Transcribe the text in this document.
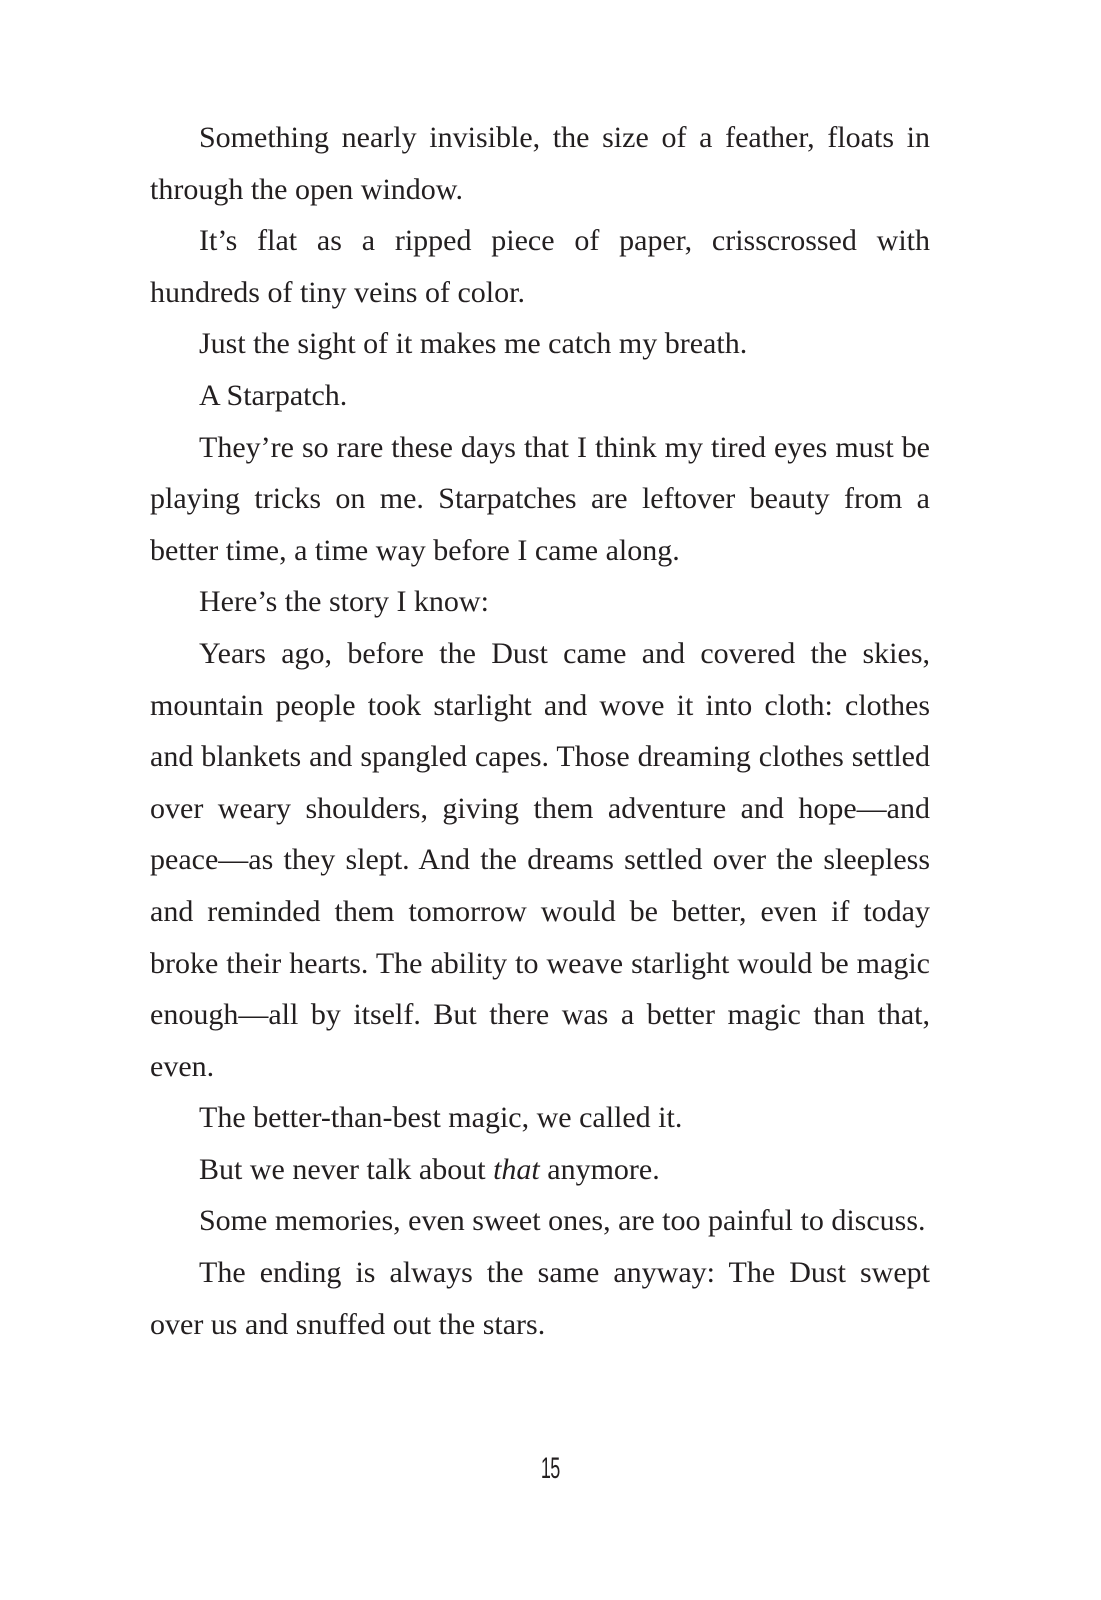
Something nearly invisible, the size of a feather, floats in through the open window.

It’s flat as a ripped piece of paper, crisscrossed with hundreds of tiny veins of color.

Just the sight of it makes me catch my breath.

A Starpatch.

They’re so rare these days that I think my tired eyes must be playing tricks on me. Starpatches are leftover beauty from a better time, a time way before I came along.

Here’s the story I know:

Years ago, before the Dust came and covered the skies, mountain people took starlight and wove it into cloth: clothes and blankets and spangled capes. Those dreaming clothes settled over weary shoulders, giving them adventure and hope—and peace—as they slept. And the dreams settled over the sleepless and reminded them tomorrow would be better, even if today broke their hearts. The ability to weave starlight would be magic enough—all by itself. But there was a better magic than that, even.

The better-than-best magic, we called it.

But we never talk about that anymore.

Some memories, even sweet ones, are too painful to discuss.

The ending is always the same anyway: The Dust swept over us and snuffed out the stars.

15
